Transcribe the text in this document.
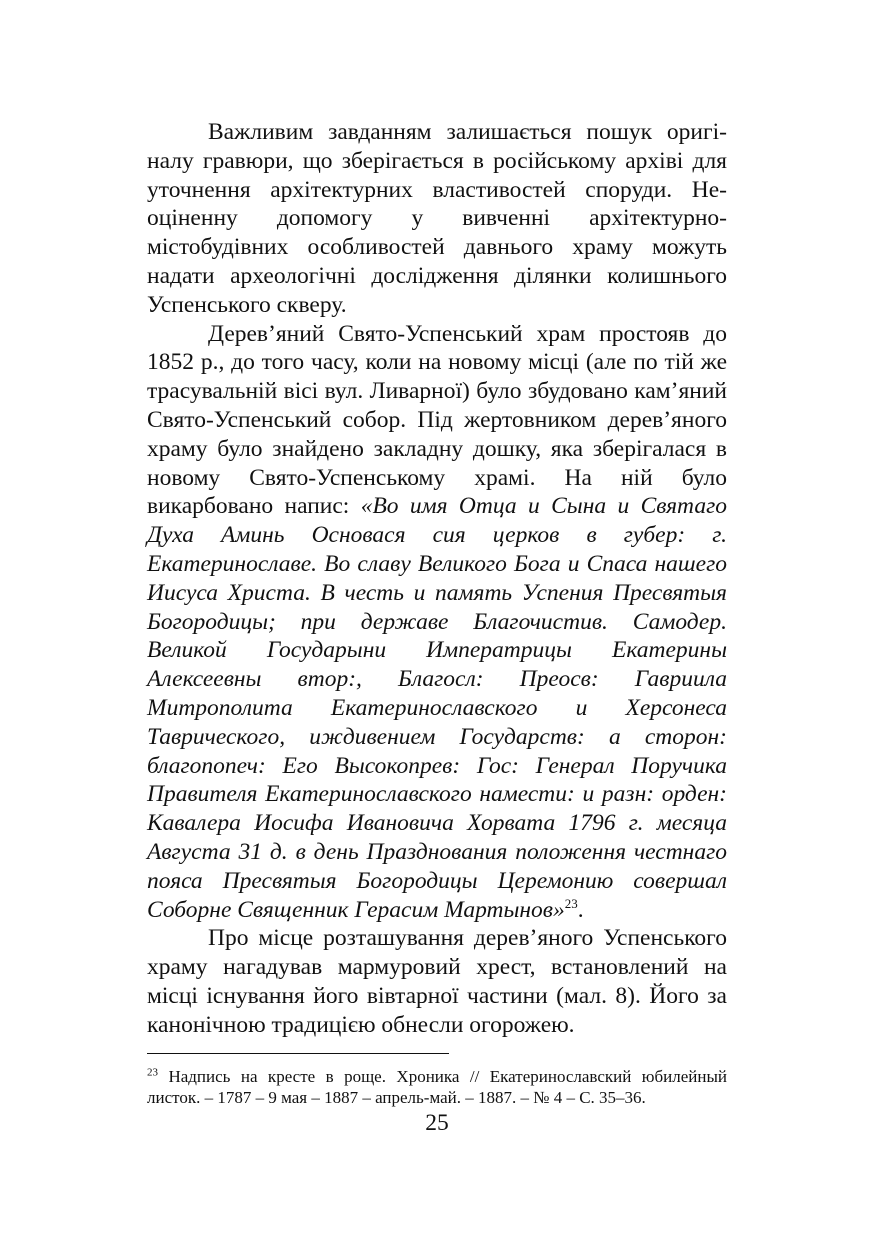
Важливим завданням залишається пошук оригіналу гравюри, що зберігається в російському архіві для уточнення архітектурних властивостей споруди. Неоціненну допомогу у вивченні архітектурно-містобудівних особливостей давнього храму можуть надати археологічні дослідження ділянки колишнього Успенського скверу.

Дерев’яний Свято-Успенський храм простояв до 1852 р., до того часу, коли на новому місці (але по тій же трасувальній вісі вул. Ливарної) було збудовано кам’яний Свято-Успенський собор. Під жертовником дерев’яного храму було знайдено закладну дошку, яка зберігалася в новому Свято-Успенському храмі. На ній було викарбовано напис: «Во имя Отца и Сына и Святаго Духа Аминь Основася сия церков в губер: г. Екатеринославе. Во славу Великого Бога и Спаса нашего Иисуса Христа. В честь и память Успения Пресвятыя Богородицы; при державе Благочистив. Самодер. Великой Государыни Императрицы Екатерины Алексеевны втор:, Благосл: Преосв: Гавриила Митрополита Екатеринославского и Херсонеса Таврического, иждивением Государств: а сторон: благопопеч: Его Высокопрев: Гос: Генерал Поручика Правителя Екатеринославского намести: и разн: орден: Кавалера Иосифа Ивановича Хорвата 1796 г. месяца Августа 31 д. в день Празднования положення честнаго пояса Пресвятыя Богородицы Церемонию совершал Соборне Священник Герасим Мартынов»$^{23}$.

Про місце розташування дерев’яного Успенського храму нагадував мармуровий хрест, встановлений на місці існування його вівтарної частини (мал. 8). Його за канонічною традицією обнесли огорожею.

$^{23}$ Надпись на кресте в роще. Хроника // Екатеринославский юбилейный листок. – 1787 – 9 мая – 1887 – апрель-май. – 1887. – № 4 – С. 35–36.
25
